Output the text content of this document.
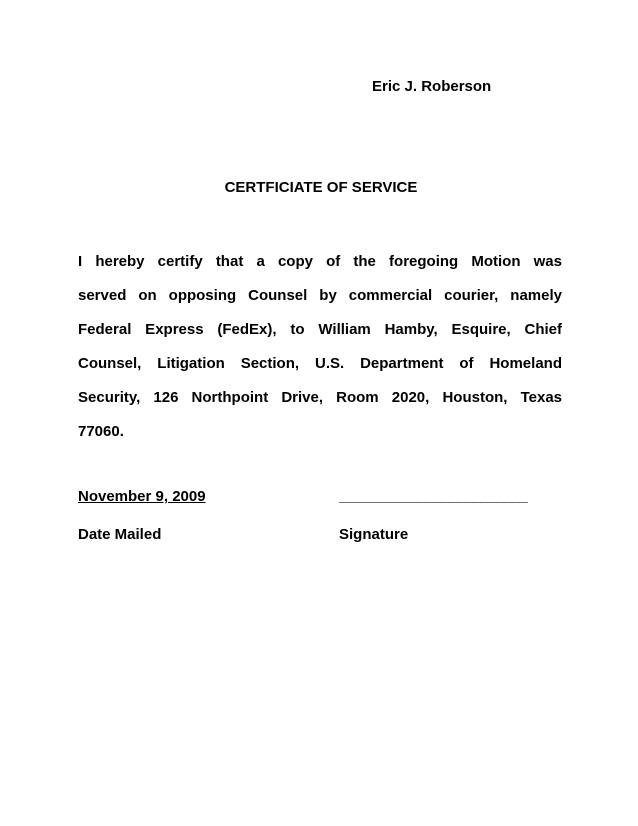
Eric J. Roberson
CERTFICIATE OF SERVICE
I hereby certify that a copy of the foregoing Motion was
served on opposing Counsel by commercial courier, namely
Federal Express (FedEx), to William Hamby, Esquire, Chief
Counsel, Litigation Section, U.S. Department of Homeland
Security, 126 Northpoint Drive, Room 2020, Houston, Texas
77060.
November 9, 2009
Date Mailed
________________________
Signature
